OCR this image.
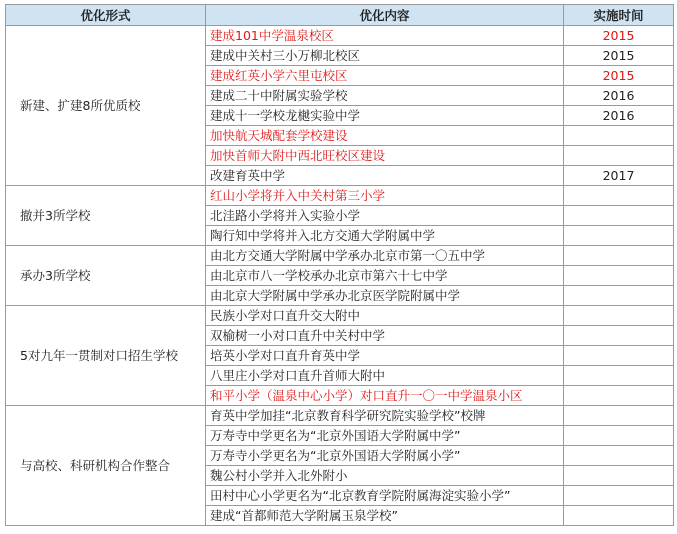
优化形式	优化内容	实施时间
新建、扩建8所优质校	建成101中学温泉校区	2015
	建成中关村三小万柳北校区	2015
	建成红英小学六里屯校区	2015
	建成二十中附属实验学校	2016
	建成十一学校龙樾实验中学	2016
	加快航天城配套学校建设	
	加快首师大附中西北旺校区建设	
	改建育英中学	2017
撤并3所学校	红山小学将并入中关村第三小学	
	北洼路小学将并入实验小学	
	陶行知中学将并入北方交通大学附属中学	
承办3所学校	由北方交通大学附属中学承办北京市第一〇五中学	
	由北京市八一学校承办北京市第六十七中学	
	由北京大学附属中学承办北京医学院附属中学	
5对九年一贯制对口招生学校	民族小学对口直升交大附中	
	双榆树一小对口直升中关村中学	
	培英小学对口直升育英中学	
	八里庄小学对口直升首师大附中	
	和平小学（温泉中心小学）对口直升一〇一中学温泉小区	
与高校、科研机构合作整合	育英中学加挂“北京教育科学研究院实验学校”校牌	
	万寿寺中学更名为“北京外国语大学附属中学”	
	万寿寺小学更名为“北京外国语大学附属小学”	
	魏公村小学并入北外附小	
	田村中心小学更名为“北京教育学院附属海淀实验小学”	
	建成“首都师范大学附属玉泉学校”	
